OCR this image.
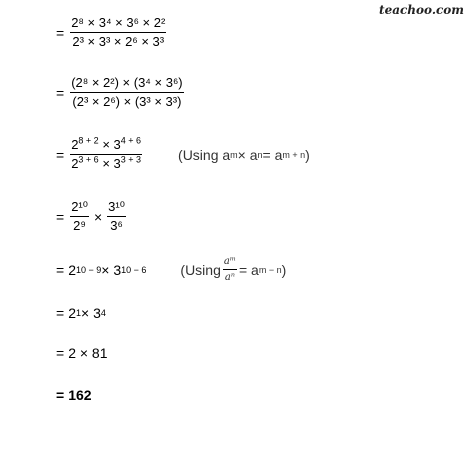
teachoo.com
= $\frac{\text{2⁸ × 3⁴ × 3⁶ × 2²}}{\text{2³ × 3³ × 2⁶ × 3³}}$
= $\frac{\text{(2⁸ × 2²) × (3⁴ × 3⁶)}}{\text{(2³ × 2⁶) × (3³ × 3³)}}$
= $\frac{2^{8 + 2} \times 3^{4 + 6}}{2^{3 + 6} \times 3^{3 + 3}}$	(Using a m × a n = a m + n )
= $\frac{\text{2¹⁰}}{\text{2⁹}} \times \frac{\text{3¹⁰}}{\text{3⁶}}$
= 2 10 − 9 × 3 10 − 6 ($Using \frac{\text{aᵐ}}{\text{aⁿ}} = a$ m − n )
= 2 1 × 3 4
= 2 × 81
= 162
